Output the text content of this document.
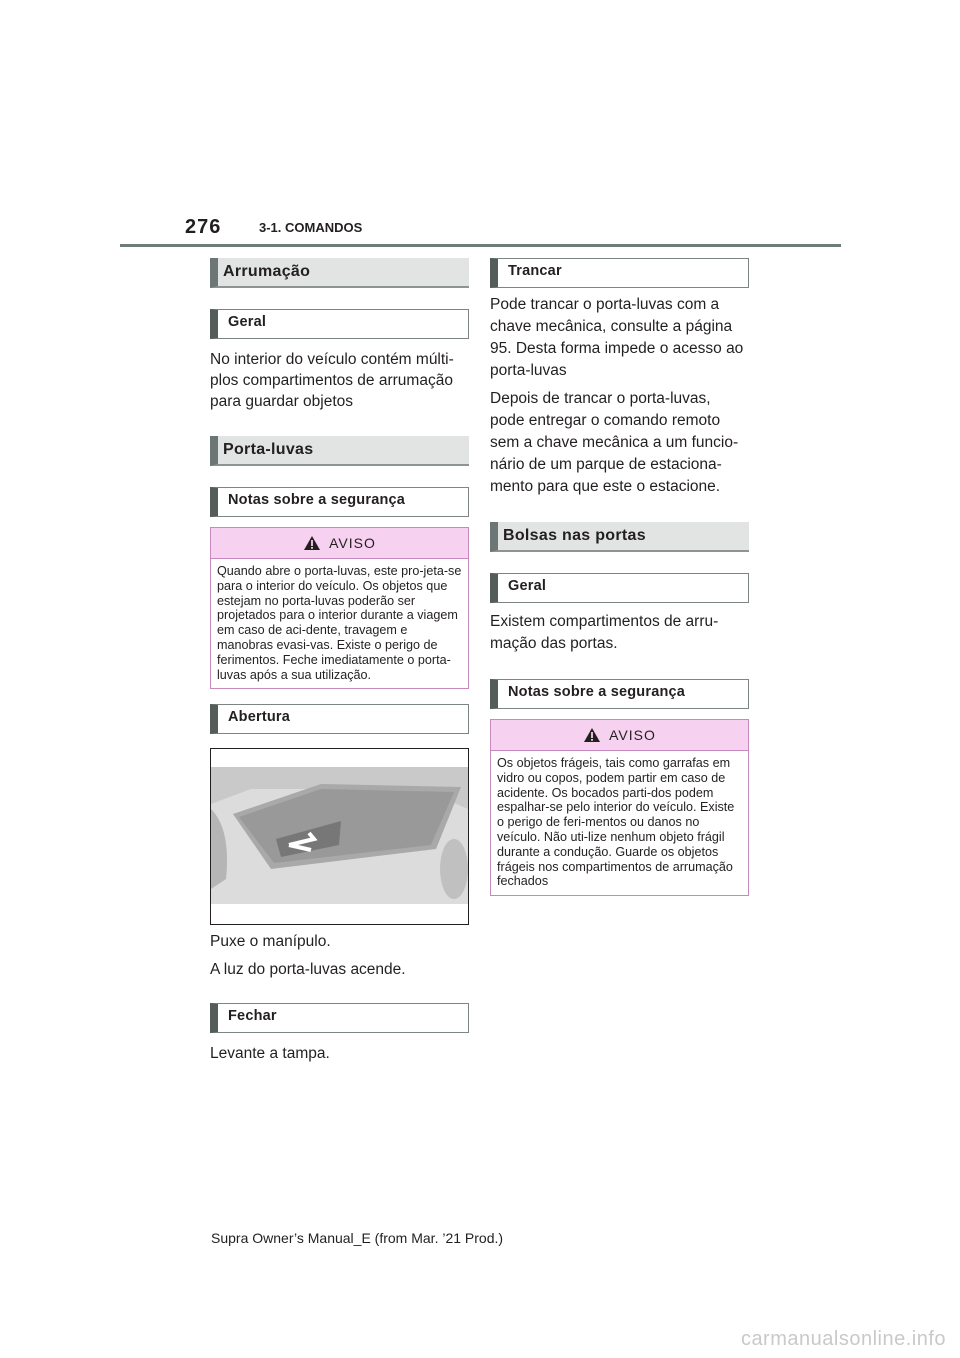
276	3-1. COMANDOS
Arrumação
Geral

No interior do veículo contém múlti-plos compartimentos de arrumação para guardar objetos

Porta-luvas
Notas sobre a segurança
AVISO
Quando abre o porta-luvas, este pro-jeta-se para o interior do veículo. Os objetos que estejam no porta-luvas poderão ser projetados para o interior durante a viagem em caso de aci-dente, travagem e manobras evasi-vas. Existe o perigo de ferimentos. Feche imediatamente o porta-luvas após a sua utilização.
Abertura

Puxe o manípulo.

A luz do porta-luvas acende.

Fechar

Levante a tampa.

Trancar

Pode trancar o porta-luvas com a chave mecânica, consulte a página 95. Desta forma impede o acesso ao porta-luvas

Depois de trancar o porta-luvas, pode entregar o comando remoto sem a chave mecânica a um funcio-nário de um parque de estaciona-mento para que este o estacione.

Bolsas nas portas
Geral

Existem compartimentos de arru-mação das portas.

Notas sobre a segurança
AVISO
Os objetos frágeis, tais como garrafas em vidro ou copos, podem partir em caso de acidente. Os bocados parti-dos podem espalhar-se pelo interior do veículo. Existe o perigo de feri-mentos ou danos no veículo. Não uti-lize nenhum objeto frágil durante a condução. Guarde os objetos frágeis nos compartimentos de arrumação fechados
Supra Owner’s Manual_E (from Mar. ’21 Prod.)
carmanualsonline.info
